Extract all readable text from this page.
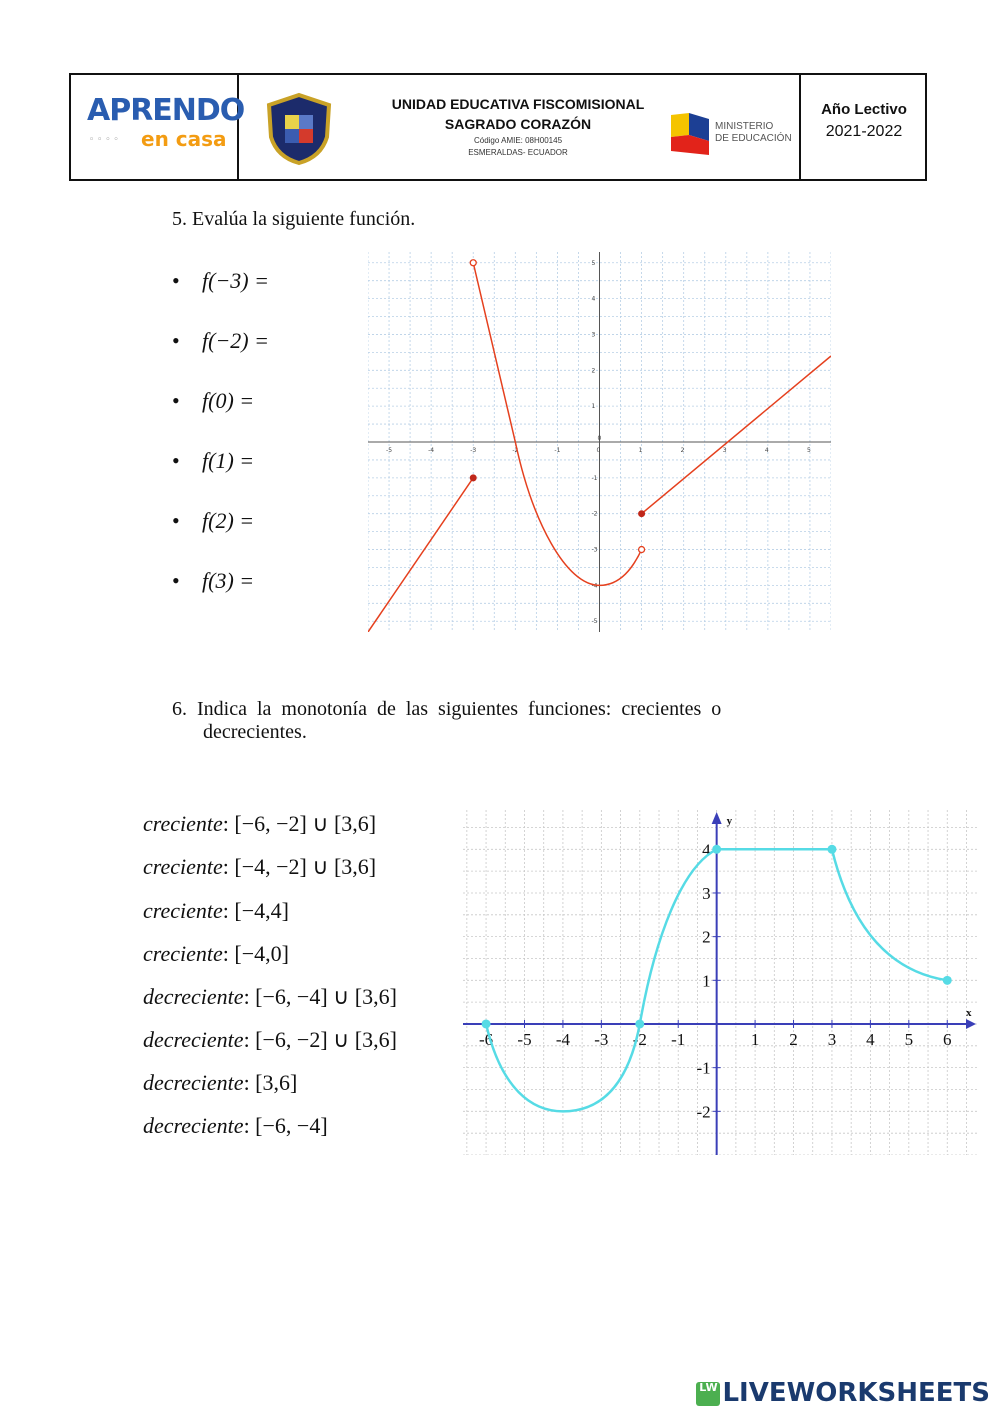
APRENDO
◦ ◦ ◦ ◦ en casa
UNIDAD EDUCATIVA FISCOMISIONAL
SAGRADO CORAZÓN
Código AMIE: 08H00145
ESMERALDAS- ECUADOR
MINISTERIO
DE EDUCACIÓN
Año Lectivo
2021-2022
5. Evalúa la siguiente función.
• f(−3) =
• f(−2) =
• f(0) =
• f(1) =
• f(2) =
• f(3) =
-5	-4	-3	-2	-1	0	1	2	3	4	5
-5
-4
-3
-2
-1
1
2
3
4
5
0
6.  Indica  la  monotonía  de  las  siguientes  funciones:  crecientes  o
decrecientes.
creciente: [−6, −2] ∪ [3,6]
creciente: [−4, −2] ∪ [3,6]
creciente: [−4,4]
creciente: [−4,0]
decreciente: [−6, −4] ∪ [3,6]
decreciente: [−6, −2] ∪ [3,6]
decreciente: [3,6]
decreciente: [−6, −4]
x
y
-6 -5 -4 -3 -2 -1	1 2 3 4 5 6
4
3
2
1
-1
-2
LW LIVEWORKSHEETS
